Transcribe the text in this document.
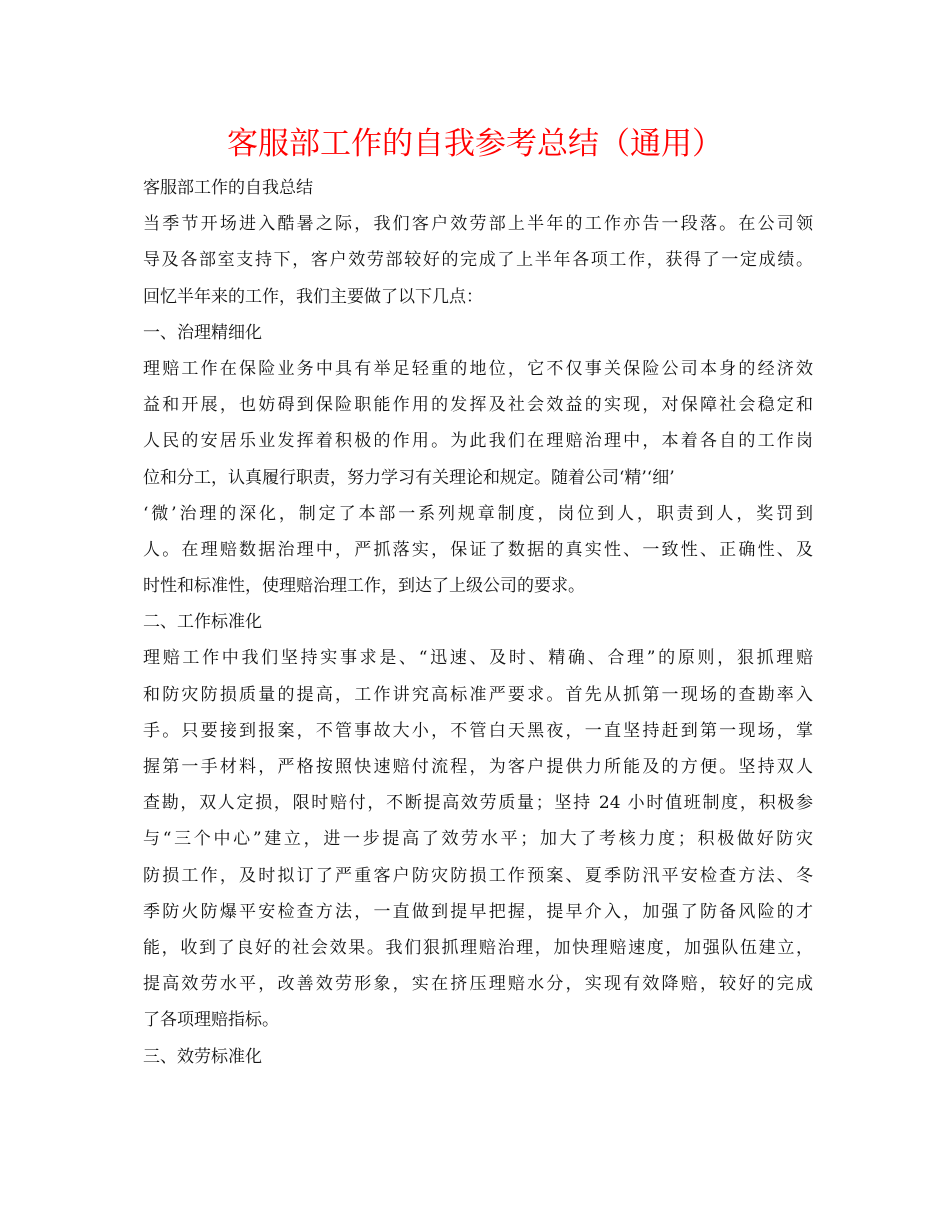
客服部工作的自我参考总结（通用）
客服部工作的自我总结
当季节开场进入酷暑之际，我们客户效劳部上半年的工作亦告一段落。在公司领
导及各部室支持下，客户效劳部较好的完成了上半年各项工作，获得了一定成绩。
回忆半年来的工作，我们主要做了以下几点：
一、治理精细化
理赔工作在保险业务中具有举足轻重的地位，它不仅事关保险公司本身的经济效
益和开展，也妨碍到保险职能作用的发挥及社会效益的实现，对保障社会稳定和
人民的安居乐业发挥着积极的作用。为此我们在理赔治理中，本着各自的工作岗
位和分工，认真履行职责，努力学习有关理论和规定。随着公司‘精’‘细’
‘微’治理的深化，制定了本部一系列规章制度，岗位到人，职责到人，奖罚到
人。在理赔数据治理中，严抓落实，保证了数据的真实性、一致性、正确性、及
时性和标准性，使理赔治理工作，到达了上级公司的要求。
二、工作标准化
理赔工作中我们坚持实事求是、“迅速、及时、精确、合理”的原则，狠抓理赔
和防灾防损质量的提高，工作讲究高标准严要求。首先从抓第一现场的查勘率入
手。只要接到报案，不管事故大小，不管白天黑夜，一直坚持赶到第一现场，掌
握第一手材料，严格按照快速赔付流程，为客户提供力所能及的方便。坚持双人
查勘，双人定损，限时赔付，不断提高效劳质量；坚持 24 小时值班制度，积极参
与“三个中心”建立，进一步提高了效劳水平；加大了考核力度；积极做好防灾
防损工作，及时拟订了严重客户防灾防损工作预案、夏季防汛平安检查方法、冬
季防火防爆平安检查方法，一直做到提早把握，提早介入，加强了防备风险的才
能，收到了良好的社会效果。我们狠抓理赔治理，加快理赔速度，加强队伍建立，
提高效劳水平，改善效劳形象，实在挤压理赔水分，实现有效降赔，较好的完成
了各项理赔指标。
三、效劳标准化
